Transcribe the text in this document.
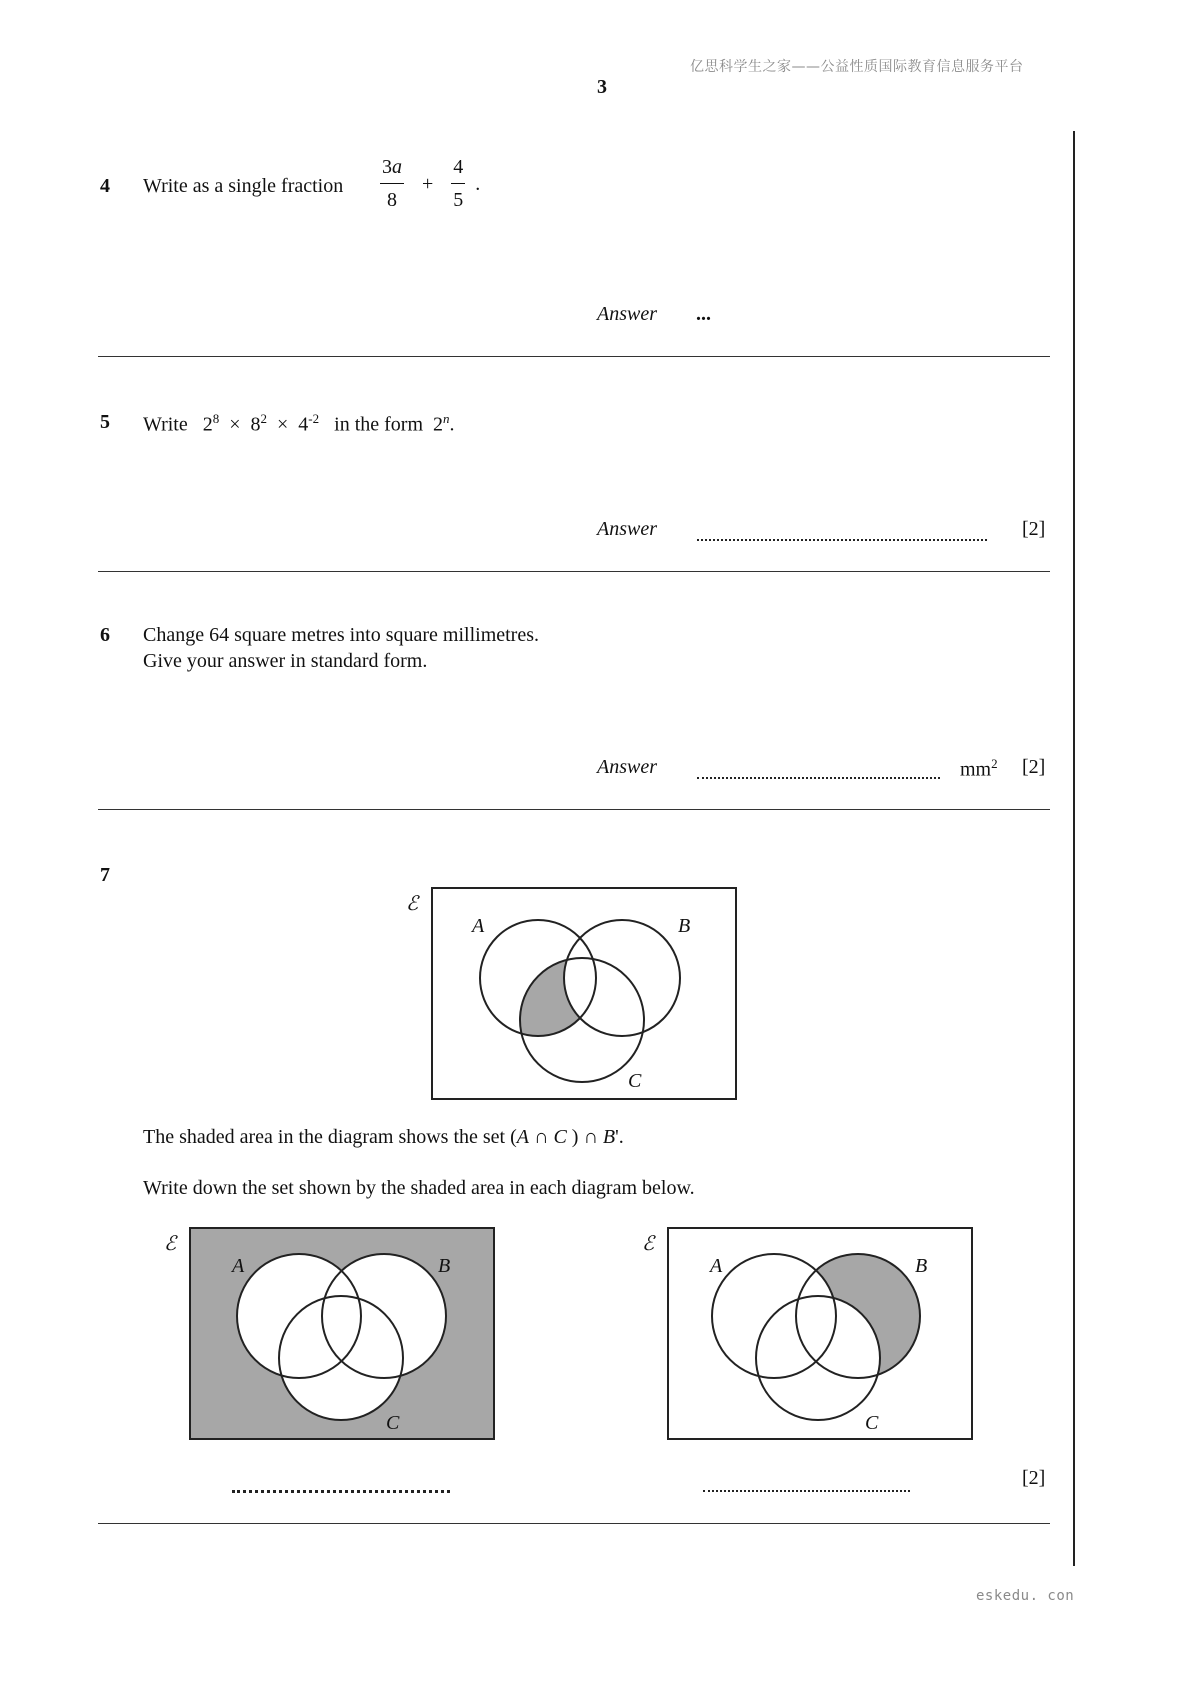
亿思科学生之家——公益性质国际教育信息服务平台
3
4 Write as a single fraction $\frac{3a}{8} + \frac{4}{5}$ .
Answer ...
5 Write $2^8 \times 8^2 \times 4^{-2}$ in the form 2$^n$.
Answer	[2]
6 Change 64 square metres into square millimetres.
Give your answer in standard form.
Answer	$mm^2$ [2]
7
ℰ
A	B
C
The shaded area in the diagram shows the set (A ∩ C ) ∩ B'.
Write down the set shown by the shaded area in each diagram below.
ℰ
A	B
C
ℰ
A	B
C
[2]
eskedu. con
